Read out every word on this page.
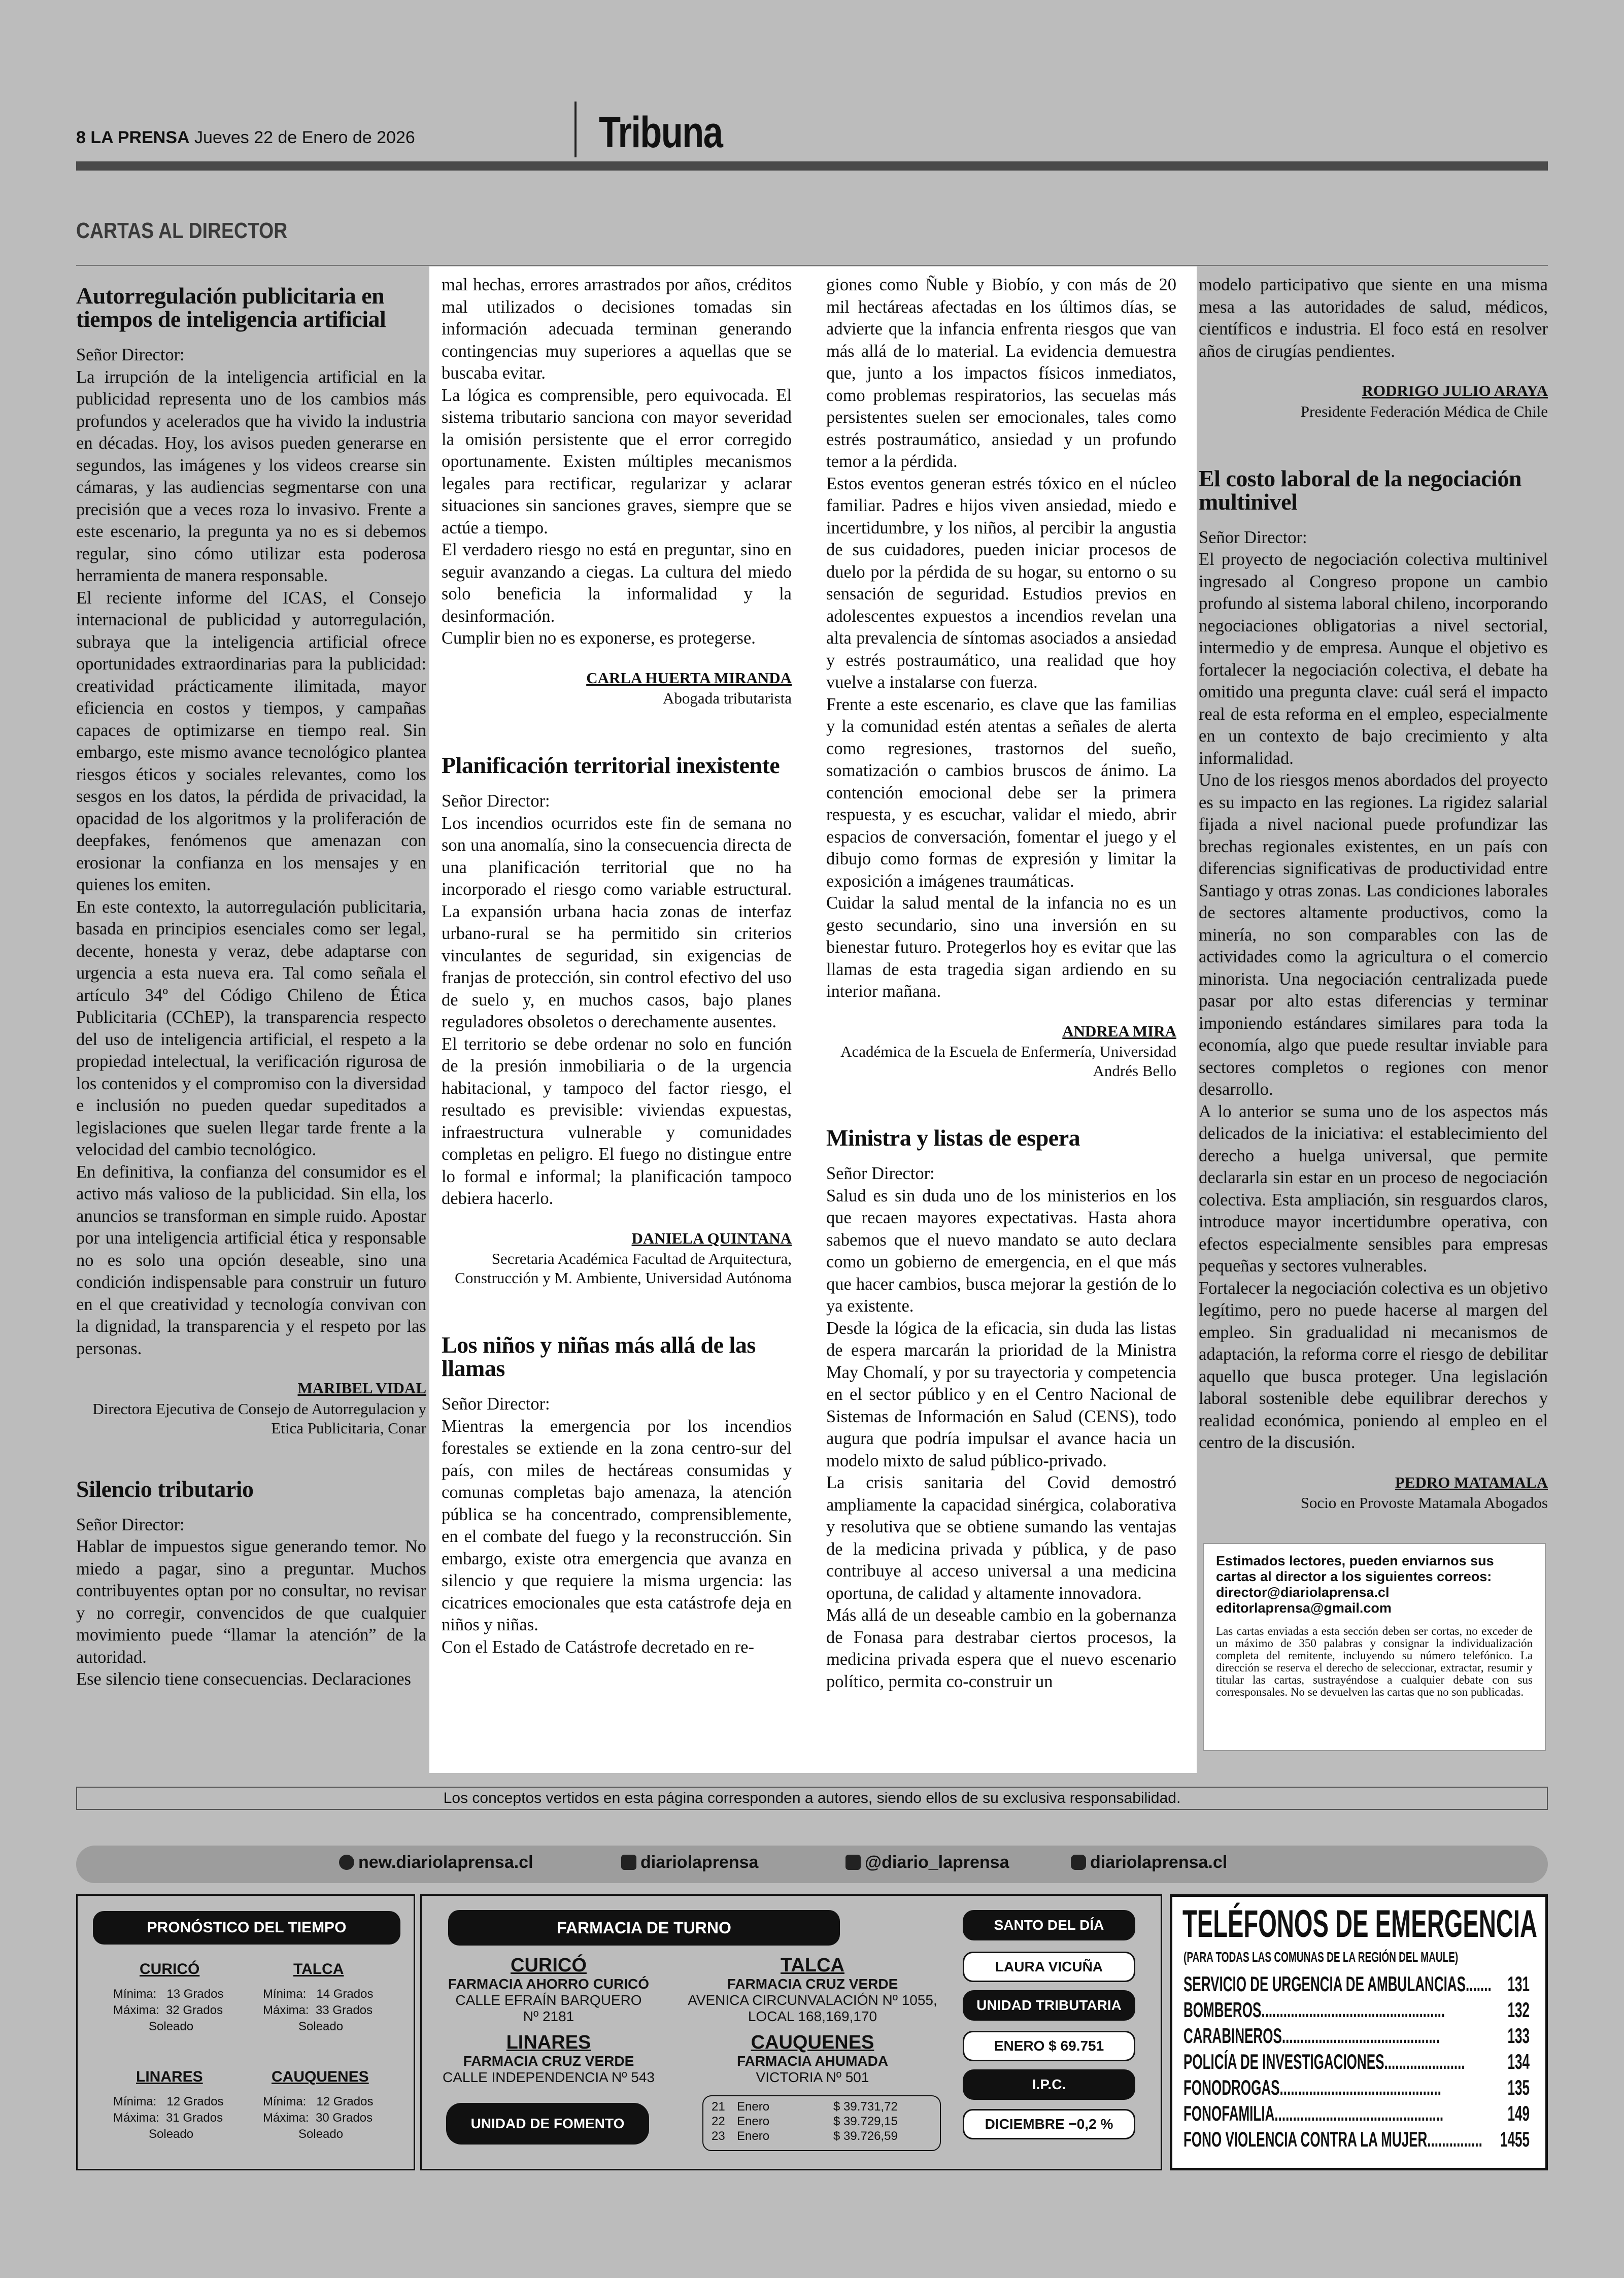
8 LA PRENSA Jueves 22 de Enero de 2026	Tribuna
CARTAS AL DIRECTOR
Autorregulación publicitaria en tiempos de inteligencia artificial

Señor Director:

La irrupción de la inteligencia artificial en la publicidad representa uno de los cambios más profundos y acelerados que ha vivido la industria en décadas. Hoy, los avisos pueden generarse en segundos, las imágenes y los videos crearse sin cámaras, y las audiencias segmentarse con una precisión que a veces roza lo invasivo. Frente a este escenario, la pregunta ya no es si debemos regular, sino cómo utilizar esta poderosa herramienta de manera responsable.

El reciente informe del ICAS, el Consejo internacional de publicidad y autorregulación, subraya que la inteligencia artificial ofrece oportunidades extraordinarias para la publicidad: creatividad prácticamente ilimitada, mayor eficiencia en costos y tiempos, y campañas capaces de optimizarse en tiempo real. Sin embargo, este mismo avance tecnológico plantea riesgos éticos y sociales relevantes, como los sesgos en los datos, la pérdida de privacidad, la opacidad de los algoritmos y la proliferación de deepfakes, fenómenos que amenazan con erosionar la confianza en los mensajes y en quienes los emiten.

En este contexto, la autorregulación publicitaria, basada en principios esenciales como ser legal, decente, honesta y veraz, debe adaptarse con urgencia a esta nueva era. Tal como señala el artículo 34º del Código Chileno de Ética Publicitaria (CChEP), la transparencia respecto del uso de inteligencia artificial, el respeto a la propiedad intelectual, la verificación rigurosa de los contenidos y el compromiso con la diversidad e inclusión no pueden quedar supeditados a legislaciones que suelen llegar tarde frente a la velocidad del cambio tecnológico.

En definitiva, la confianza del consumidor es el activo más valioso de la publicidad. Sin ella, los anuncios se transforman en simple ruido. Apostar por una inteligencia artificial ética y responsable no es solo una opción deseable, sino una condición indispensable para construir un futuro en el que creatividad y tecnología convivan con la dignidad, la transparencia y el respeto por las personas.

MARIBEL VIDAL
Directora Ejecutiva de Consejo de Autorregulacion y Etica Publicitaria, Conar
Silencio tributario

Señor Director:

Hablar de impuestos sigue generando temor. No miedo a pagar, sino a preguntar. Muchos contribuyentes optan por no consultar, no revisar y no corregir, convencidos de que cualquier movimiento puede “llamar la atención” de la autoridad.

Ese silencio tiene consecuencias. Declaraciones

mal hechas, errores arrastrados por años, créditos mal utilizados o decisiones tomadas sin información adecuada terminan generando contingencias muy superiores a aquellas que se buscaba evitar.

La lógica es comprensible, pero equivocada. El sistema tributario sanciona con mayor severidad la omisión persistente que el error corregido oportunamente. Existen múltiples mecanismos legales para rectificar, regularizar y aclarar situaciones sin sanciones graves, siempre que se actúe a tiempo.

El verdadero riesgo no está en preguntar, sino en seguir avanzando a ciegas. La cultura del miedo solo beneficia la informalidad y la desinformación.

Cumplir bien no es exponerse, es protegerse.

CARLA HUERTA MIRANDA
Abogada tributarista
Planificación territorial inexistente

Señor Director:

Los incendios ocurridos este fin de semana no son una anomalía, sino la consecuencia directa de una planificación territorial que no ha incorporado el riesgo como variable estructural. La expansión urbana hacia zonas de interfaz urbano-rural se ha permitido sin criterios vinculantes de seguridad, sin exigencias de franjas de protección, sin control efectivo del uso de suelo y, en muchos casos, bajo planes reguladores obsoletos o derechamente ausentes.

El territorio se debe ordenar no solo en función de la presión inmobiliaria o de la urgencia habitacional, y tampoco del factor riesgo, el resultado es previsible: viviendas expuestas, infraestructura vulnerable y comunidades completas en peligro. El fuego no distingue entre lo formal e informal; la planificación tampoco debiera hacerlo.

DANIELA QUINTANA
Secretaria Académica Facultad de Arquitectura, Construcción y M. Ambiente, Universidad Autónoma
Los niños y niñas más allá de las llamas

Señor Director:

Mientras la emergencia por los incendios forestales se extiende en la zona centro-sur del país, con miles de hectáreas consumidas y comunas completas bajo amenaza, la atención pública se ha concentrado, comprensiblemente, en el combate del fuego y la reconstrucción. Sin embargo, existe otra emergencia que avanza en silencio y que requiere la misma urgencia: las cicatrices emocionales que esta catástrofe deja en niños y niñas.

Con el Estado de Catástrofe decretado en re-

giones como Ñuble y Biobío, y con más de 20 mil hectáreas afectadas en los últimos días, se advierte que la infancia enfrenta riesgos que van más allá de lo material. La evidencia demuestra que, junto a los impactos físicos inmediatos, como problemas respiratorios, las secuelas más persistentes suelen ser emocionales, tales como estrés postraumático, ansiedad y un profundo temor a la pérdida.

Estos eventos generan estrés tóxico en el núcleo familiar. Padres e hijos viven ansiedad, miedo e incertidumbre, y los niños, al percibir la angustia de sus cuidadores, pueden iniciar procesos de duelo por la pérdida de su hogar, su entorno o su sensación de seguridad. Estudios previos en adolescentes expuestos a incendios revelan una alta prevalencia de síntomas asociados a ansiedad y estrés postraumático, una realidad que hoy vuelve a instalarse con fuerza.

Frente a este escenario, es clave que las familias y la comunidad estén atentas a señales de alerta como regresiones, trastornos del sueño, somatización o cambios bruscos de ánimo. La contención emocional debe ser la primera respuesta, y es escuchar, validar el miedo, abrir espacios de conversación, fomentar el juego y el dibujo como formas de expresión y limitar la exposición a imágenes traumáticas.

Cuidar la salud mental de la infancia no es un gesto secundario, sino una inversión en su bienestar futuro. Protegerlos hoy es evitar que las llamas de esta tragedia sigan ardiendo en su interior mañana.

ANDREA MIRA
Académica de la Escuela de Enfermería, Universidad Andrés Bello
Ministra y listas de espera

Señor Director:

Salud es sin duda uno de los ministerios en los que recaen mayores expectativas. Hasta ahora sabemos que el nuevo mandato se auto declara como un gobierno de emergencia, en el que más que hacer cambios, busca mejorar la gestión de lo ya existente.

Desde la lógica de la eficacia, sin duda las listas de espera marcarán la prioridad de la Ministra May Chomalí, y por su trayectoria y competencia en el sector público y en el Centro Nacional de Sistemas de Información en Salud (CENS), todo augura que podría impulsar el avance hacia un modelo mixto de salud público-privado.

La crisis sanitaria del Covid demostró ampliamente la capacidad sinérgica, colaborativa y resolutiva que se obtiene sumando las ventajas de la medicina privada y pública, y de paso contribuye al acceso universal a una medicina oportuna, de calidad y altamente innovadora.

Más allá de un deseable cambio en la gobernanza de Fonasa para destrabar ciertos procesos, la medicina privada espera que el nuevo escenario político, permita co-construir un

modelo participativo que siente en una misma mesa a las autoridades de salud, médicos, científicos e industria. El foco está en resolver años de cirugías pendientes.

RODRIGO JULIO ARAYA
Presidente Federación Médica de Chile
El costo laboral de la negociación multinivel

Señor Director:

El proyecto de negociación colectiva multinivel ingresado al Congreso propone un cambio profundo al sistema laboral chileno, incorporando negociaciones obligatorias a nivel sectorial, intermedio y de empresa. Aunque el objetivo es fortalecer la negociación colectiva, el debate ha omitido una pregunta clave: cuál será el impacto real de esta reforma en el empleo, especialmente en un contexto de bajo crecimiento y alta informalidad.

Uno de los riesgos menos abordados del proyecto es su impacto en las regiones. La rigidez salarial fijada a nivel nacional puede profundizar las brechas regionales existentes, en un país con diferencias significativas de productividad entre Santiago y otras zonas. Las condiciones laborales de sectores altamente productivos, como la minería, no son comparables con las de actividades como la agricultura o el comercio minorista. Una negociación centralizada puede pasar por alto estas diferencias y terminar imponiendo estándares similares para toda la economía, algo que puede resultar inviable para sectores completos o regiones con menor desarrollo.

A lo anterior se suma uno de los aspectos más delicados de la iniciativa: el establecimiento del derecho a huelga universal, que permite declararla sin estar en un proceso de negociación colectiva. Esta ampliación, sin resguardos claros, introduce mayor incertidumbre operativa, con efectos especialmente sensibles para empresas pequeñas y sectores vulnerables.

Fortalecer la negociación colectiva es un objetivo legítimo, pero no puede hacerse al margen del empleo. Sin gradualidad ni mecanismos de adaptación, la reforma corre el riesgo de debilitar aquello que busca proteger. Una legislación laboral sostenible debe equilibrar derechos y realidad económica, poniendo al empleo en el centro de la discusión.

PEDRO MATAMALA
Socio en Provoste Matamala Abogados
Estimados lectores, pueden enviarnos sus cartas al director a los siguientes correos:
director@diariolaprensa.cl
editorlaprensa@gmail.com
Las cartas enviadas a esta sección deben ser cortas, no exceder de un máximo de 350 palabras y consignar la individualización completa del remitente, incluyendo su número telefónico. La dirección se reserva el derecho de seleccionar, extractar, resumir y titular las cartas, sustrayéndose a cualquier debate con sus corresponsales. No se devuelven las cartas que no son publicadas.
Los conceptos vertidos en esta página corresponden a autores, siendo ellos de su exclusiva responsabilidad.
new.diariolaprensa.cl	diariolaprensa	@diario_laprensa	diariolaprensa.cl
PRONÓSTICO DEL TIEMPO
CURICÓ
Mínima: 13 Grados
Máxima: 32 Grados
Soleado
TALCA
Mínima: 14 Grados
Máxima: 33 Grados
Soleado
LINARES
Mínima: 12 Grados
Máxima: 31 Grados
Soleado
CAUQUENES
Mínima: 12 Grados
Máxima: 30 Grados
Soleado
FARMACIA DE TURNO
CURICÓ
FARMACIA AHORRO CURICÓ
CALLE EFRAÍN BARQUERO
Nº 2181
TALCA
FARMACIA CRUZ VERDE
AVENICA CIRCUNVALACIÓN Nº 1055,
LOCAL 168,169,170
LINARES
FARMACIA CRUZ VERDE
CALLE INDEPENDENCIA Nº 543
CAUQUENES
FARMACIA AHUMADA
VICTORIA Nº 501
UNIDAD DE FOMENTO
SANTO DEL DÍA
LAURA VICUÑA
UNIDAD TRIBUTARIA
ENERO $ 69.751
I.P.C.
DICIEMBRE −0,2 %
21 Enero	$ 39.731,72
22 Enero	$ 39.729,15
23 Enero	$ 39.726,59
TELÉFONOS DE EMERGENCIA
(PARA TODAS LAS COMUNAS DE LA REGIÓN DEL MAULE)
SERVICIO DE URGENCIA DE AMBULANCIAS....... 131
BOMBEROS..................................................	132
CARABINEROS...........................................	133
POLICÍA DE INVESTIGACIONES...................... 134
FONODROGAS............................................	135
FONOFAMILIA..............................................	149
FONO VIOLENCIA CONTRA LA MUJER............... 1455
